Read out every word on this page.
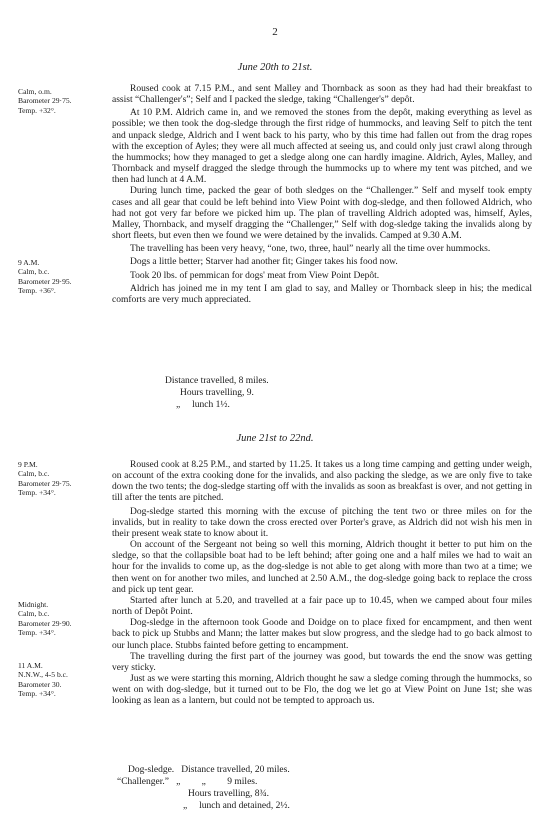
2
June 20th to 21st.
Calm, o.m.
Barometer 29·75.
Temp. +32°.
9 A.M.
Calm, b.c.
Barometer 29·95.
Temp. +36°.

Roused cook at 7.15 P.M., and sent Malley and Thornback as soon as they had had their breakfast to assist “Challenger's”; Self and I packed the sledge, taking “Challenger's” depôt.

At 10 P.M. Aldrich came in, and we removed the stones from the depôt, making everything as level as possible; we then took the dog-sledge through the first ridge of hummocks, and leaving Self to pitch the tent and unpack sledge, Aldrich and I went back to his party, who by this time had fallen out from the drag ropes with the exception of Ayles; they were all much affected at seeing us, and could only just crawl along through the hummocks; how they managed to get a sledge along one can hardly imagine. Aldrich, Ayles, Malley, and Thornback and myself dragged the sledge through the hummocks up to where my tent was pitched, and we then had lunch at 4 A.M.

During lunch time, packed the gear of both sledges on the “Challenger.” Self and myself took empty cases and all gear that could be left behind into View Point with dog-sledge, and then followed Aldrich, who had not got very far before we picked him up. The plan of travelling Aldrich adopted was, himself, Ayles, Malley, Thornback, and myself dragging the “Challenger,” Self with dog-sledge taking the invalids along by short fleets, but even then we found we were detained by the invalids. Camped at 9.30 A.M.

The travelling has been very heavy, “one, two, three, haul” nearly all the time over hummocks.

Dogs a little better; Starver had another fit; Ginger takes his food now.

Took 20 lbs. of pemmican for dogs' meat from View Point Depôt.

Aldrich has joined me in my tent I am glad to say, and Malley or Thornback sleep in his; the medical comforts are very much appreciated.

Distance travelled, 8 miles.
Hours travelling, 9.
„     lunch 1½.
June 21st to 22nd.
9 P.M.
Calm, b.c.
Barometer 29·75.
Temp. +34°.
Midnight.
Calm, b.c.
Barometer 29·90.
Temp. +34°.
11 A.M.
N.N.W., 4-5 b.c.
Barometer 30.
Temp. +34°.

Roused cook at 8.25 P.M., and started by 11.25. It takes us a long time camping and getting under weigh, on account of the extra cooking done for the invalids, and also packing the sledge, as we are only five to take down the two tents; the dog-sledge starting off with the invalids as soon as breakfast is over, and not getting in till after the tents are pitched.

Dog-sledge started this morning with the excuse of pitching the tent two or three miles on for the invalids, but in reality to take down the cross erected over Porter's grave, as Aldrich did not wish his men in their present weak state to know about it.

On account of the Sergeant not being so well this morning, Aldrich thought it better to put him on the sledge, so that the collapsible boat had to be left behind; after going one and a half miles we had to wait an hour for the invalids to come up, as the dog-sledge is not able to get along with more than two at a time; we then went on for another two miles, and lunched at 2.50 A.M., the dog-sledge going back to replace the cross and pick up tent gear.

Started after lunch at 5.20, and travelled at a fair pace up to 10.45, when we camped about four miles north of Depôt Point.

Dog-sledge in the afternoon took Goode and Doidge on to place fixed for encampment, and then went back to pick up Stubbs and Mann; the latter makes but slow progress, and the sledge had to go back almost to our lunch place. Stubbs fainted before getting to encampment.

The travelling during the first part of the journey was good, but towards the end the snow was getting very sticky.

Just as we were starting this morning, Aldrich thought he saw a sledge coming through the hummocks, so went on with dog-sledge, but it turned out to be Flo, the dog we let go at View Point on June 1st; she was looking as lean as a lantern, but could not be tempted to approach us.

Dog-sledge.   Distance travelled, 20 miles.
“Challenger.”   „         „         9 miles.
Hours travelling, 8¾.
„     lunch and detained, 2½.
